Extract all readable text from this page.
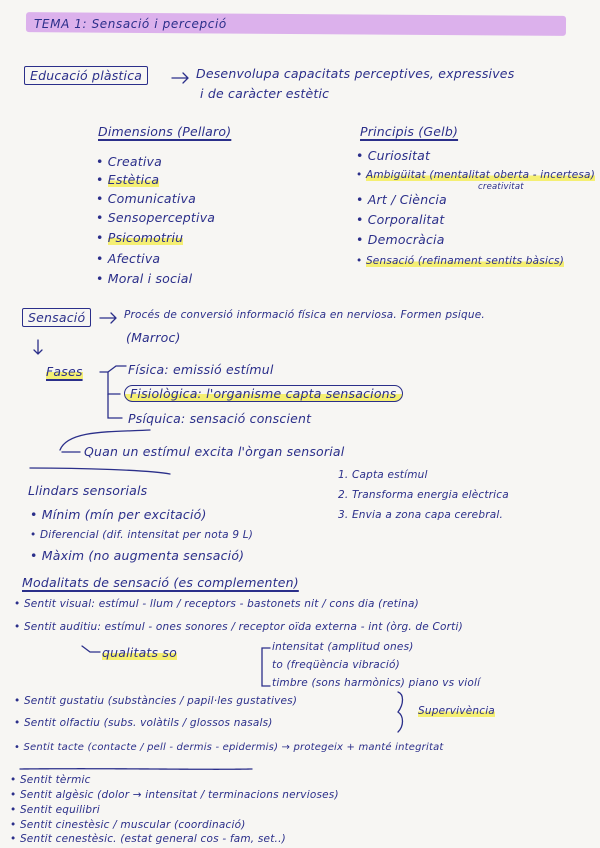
TEMA 1: Sensació i percepció
Educació plàstica	Desenvolupa capacitats perceptives, expressives
i de caràcter estètic
Dimensions (Pellaro)
• Creativa
• Estètica
• Comunicativa
• Sensoperceptiva
• Psicomotriu
• Afectiva
• Moral i social
Principis (Gelb)
• Curiositat
• Ambigüitat (mentalitat oberta - incertesa)
creativitat
• Art / Ciència
• Corporalitat
• Democràcia
• Sensació (refinament sentits bàsics)
Sensació	Procés de conversió informació física en nerviosa. Formen psique.
(Marroc)
Fases	Física: emissió estímul
Fisiològica: l'organisme capta sensacions
Psíquica: sensació conscient
Quan un estímul excita l'òrgan sensorial
Llindars sensorials
• Mínim (mín per excitació)
• Diferencial (dif. intensitat per nota 9 L)
• Màxim (no augmenta sensació)
1. Capta estímul
2. Transforma energia elèctrica
3. Envia a zona capa cerebral.
Modalitats de sensació (es complementen)
• Sentit visual: estímul - llum / receptors - bastonets nit / cons dia (retina)
• Sentit auditiu: estímul - ones sonores / receptor oïda externa - int (òrg. de Corti)
qualitats so	intensitat (amplitud ones)
to (freqüència vibració)
timbre (sons harmònics) piano vs violí
• Sentit gustatiu (substàncies / papil·les gustatives)
• Sentit olfactiu (subs. volàtils / glossos nasals)
Supervivència
• Sentit tacte (contacte / pell - dermis - epidermis) → protegeix + manté integritat
• Sentit tèrmic
• Sentit algèsic (dolor → intensitat / terminacions nervioses)
• Sentit equilibri
• Sentit cinestèsic / muscular (coordinació)
• Sentit cenestèsic. (estat general cos - fam, set..)
